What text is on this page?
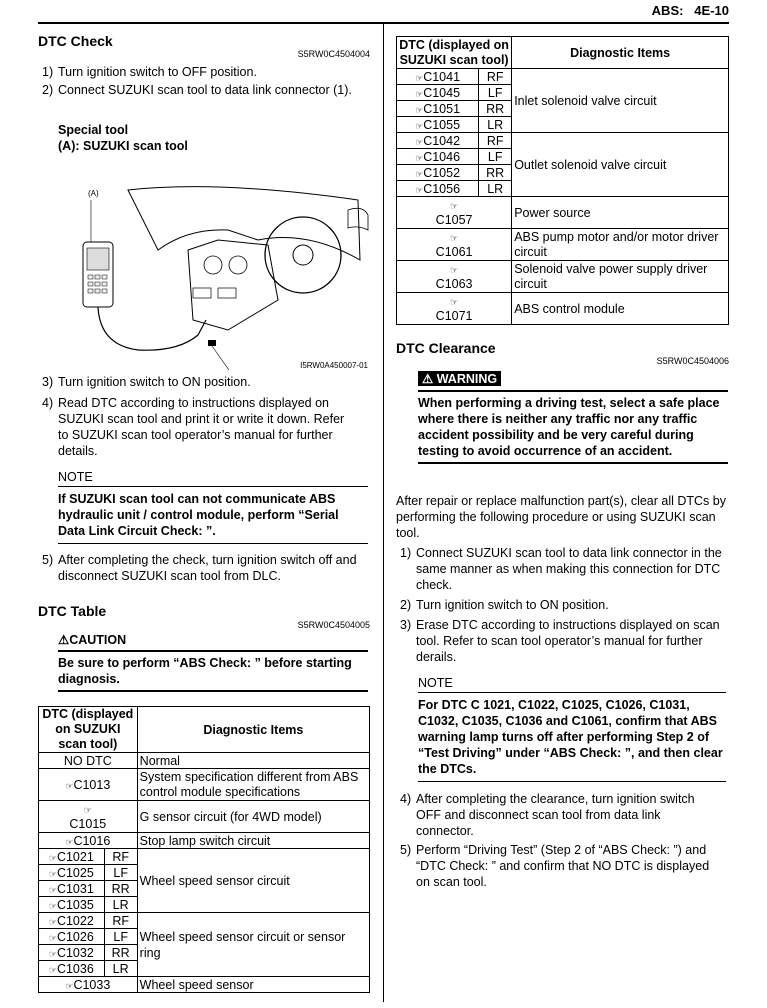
ABS: 4E-10
DTC Check
S5RW0C4504004
1) Turn ignition switch to OFF position.
2) Connect SUZUKI scan tool to data link connector (1).
Special tool
(A): SUZUKI scan tool
(A)
I5RW0A450007-01
3) Turn ignition switch to ON position.
4) Read DTC according to instructions displayed on SUZUKI scan tool and print it or write it down. Refer to SUZUKI scan tool operator’s manual for further details.
NOTE
If SUZUKI scan tool can not communicate ABS hydraulic unit / control module, perform “Serial Data Link Circuit Check: ”.
5) After completing the check, turn ignition switch off and disconnect SUZUKI scan tool from DLC.
DTC Table
S5RW0C4504005
⚠CAUTION
Be sure to perform “ABS Check: ” before starting diagnosis.
DTC (displayed on SUZUKI scan tool)		Diagnostic Items
NO DTC		Normal
☞C1013		System specification different from ABS control module specifications
☞
C1015		G sensor circuit (for 4WD model)
☞C1016		Stop lamp switch circuit
☞C1021	RF	Wheel speed sensor circuit
☞C1025	LF	
☞C1031	RR	
☞C1035	LR	
☞C1022	RF	Wheel speed sensor circuit or sensor ring
☞C1026	LF	
☞C1032	RR	
☞C1036	LR	
☞C1033		Wheel speed sensor
DTC (displayed on SUZUKI scan tool)		Diagnostic Items
☞C1041	RF	Inlet solenoid valve circuit
☞C1045	LF	
☞C1051	RR	
☞C1055	LR	
☞C1042	RF	Outlet solenoid valve circuit
☞C1046	LF	
☞C1052	RR	
☞C1056	LR	
☞
C1057		Power source
☞
C1061		ABS pump motor and/or motor driver circuit
☞
C1063		Solenoid valve power supply driver circuit
☞
C1071		ABS control module
DTC Clearance
S5RW0C4504006
⚠ WARNING
When performing a driving test, select a safe place where there is neither any traffic nor any traffic accident possibility and be very careful during testing to avoid occurrence of an accident.
After repair or replace malfunction part(s), clear all DTCs by performing the following procedure or using SUZUKI scan tool.
1) Connect SUZUKI scan tool to data link connector in the same manner as when making this connection for DTC check.
2) Turn ignition switch to ON position.
3) Erase DTC according to instructions displayed on scan tool. Refer to scan tool operator’s manual for further derails.
NOTE
For DTC C 1021, C1022, C1025, C1026, C1031, C1032, C1035, C1036 and C1061, confirm that ABS warning lamp turns off after performing Step 2 of “Test Driving” under “ABS Check: ”, and then clear the DTCs.
4) After completing the clearance, turn ignition switch OFF and disconnect scan tool from data link connector.
5) Perform “Driving Test” (Step 2 of “ABS Check: ”) and “DTC Check: ” and confirm that NO DTC is displayed on scan tool.
